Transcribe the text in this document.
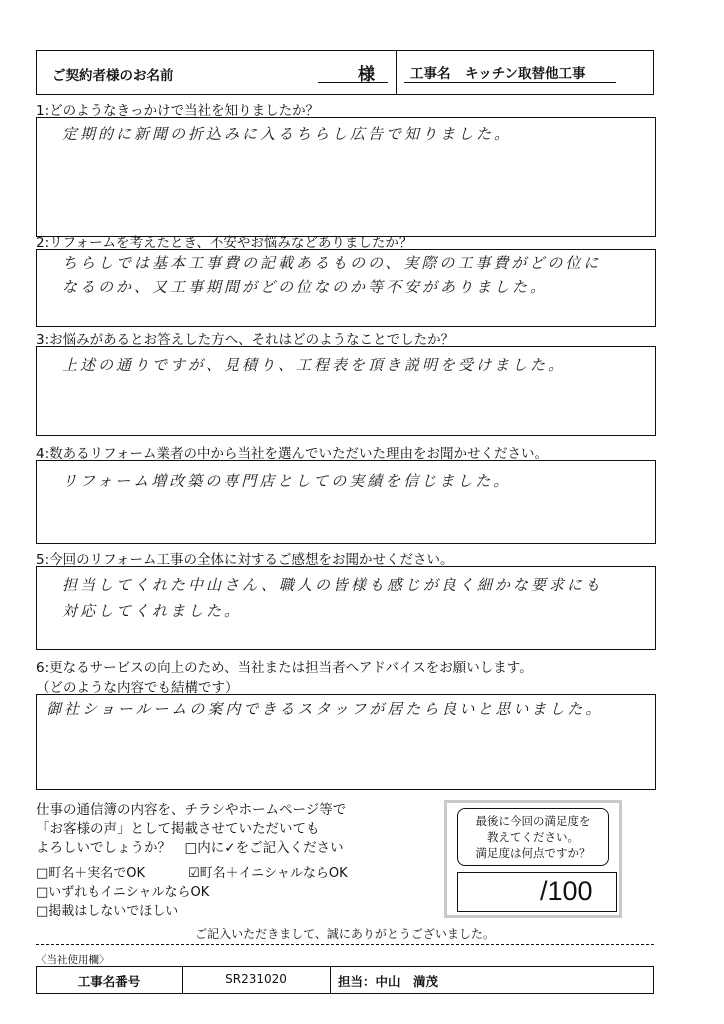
ご契約者様のお名前	様	工事名 キッチン取替他工事
1:どのようなきっかけで当社を知りましたか？
定期的に新聞の折込みに入るちらし広告で知りました。
2:リフォームを考えたとき、不安やお悩みなどありましたか？
ちらしでは基本工事費の記載あるものの、実際の工事費がどの位に
なるのか、又工事期間がどの位なのか等不安がありました。
3:お悩みがあるとお答えした方へ、それはどのようなことでしたか？
上述の通りですが、見積り、工程表を頂き説明を受けました。
4:数あるリフォーム業者の中から当社を選んでいただいた理由をお聞かせください。
リフォーム増改築の専門店としての実績を信じました。
5:今回のリフォーム工事の全体に対するご感想をお聞かせください。
担当してくれた中山さん、職人の皆様も感じが良く細かな要求にも
対応してくれました。
6:更なるサービスの向上のため、当社または担当者へアドバイスをお願いします。
（どのような内容でも結構です）
御社ショールームの案内できるスタッフが居たら良いと思いました。
仕事の通信簿の内容を、チラシやホームページ等で
「お客様の声」として掲載させていただいても
よろしいでしょうか？　□内に✓をご記入ください
□町名＋実名でOK	☑町名＋イニシャルならOK
□いずれもイニシャルならOK
□掲載はしないでほしい
最後に今回の満足度を
教えてください。
満足度は何点ですか？
/100
ご記入いただきまして、誠にありがとうございました。
〈当社使用欄〉
工事名番号	SR231020	担当：中山　満茂
